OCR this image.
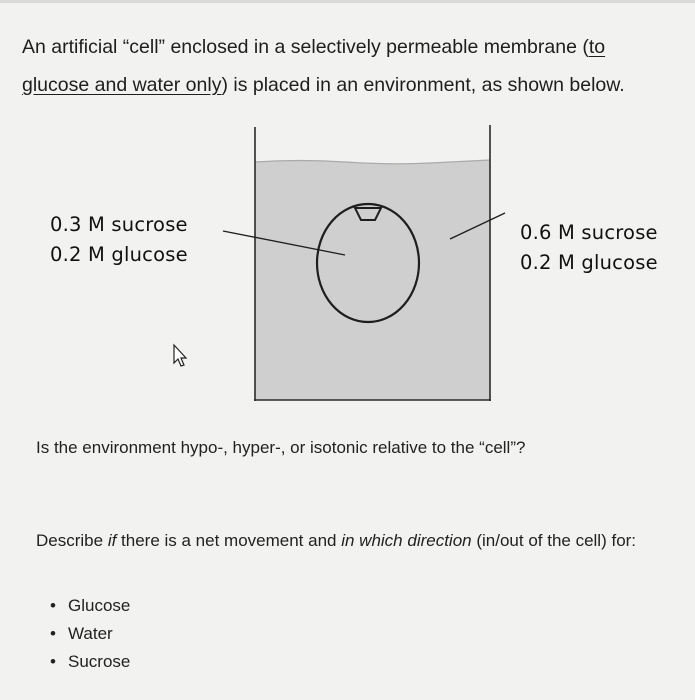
An artificial “cell” enclosed in a selectively permeable membrane (to
glucose and water only) is placed in an environment, as shown below.
0.3 M sucrose
0.2 M glucose
0.6 M sucrose
0.2 M glucose
Is the environment hypo-, hyper-, or isotonic relative to the “cell”?
Describe if there is a net movement and in which direction (in/out of the cell) for:
• Glucose
• Water
• Sucrose
